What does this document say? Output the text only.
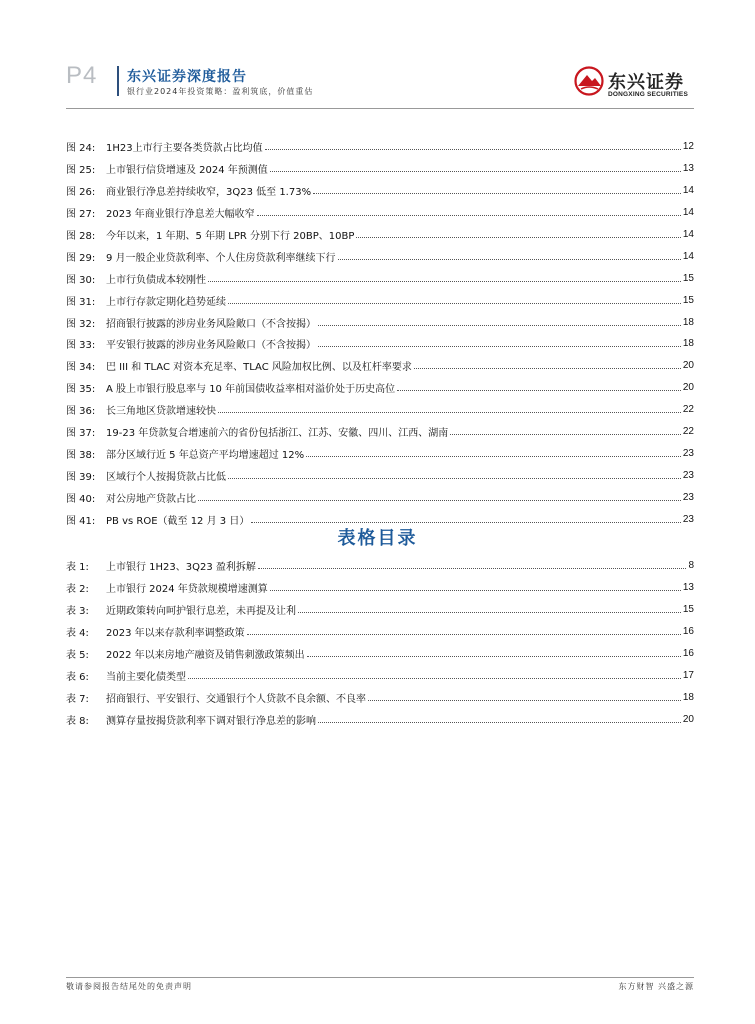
P4 东兴证券深度报告
银行业2024年投资策略：盈利筑底，价值重估	东兴证券
DONGXING SECURITIES
图 24:	1H23上市行主要各类贷款占比均值	12
图 25:	上市银行信贷增速及 2024 年预测值	13
图 26:	商业银行净息差持续收窄，3Q23 低至 1.73%	14
图 27:	2023 年商业银行净息差大幅收窄	14
图 28:	今年以来，1 年期、5 年期 LPR 分别下行 20BP、10BP	14
图 29:	9 月一般企业贷款利率、个人住房贷款利率继续下行	14
图 30:	上市行负债成本较刚性	15
图 31:	上市行存款定期化趋势延续	15
图 32:	招商银行披露的涉房业务风险敞口（不含按揭）	18
图 33:	平安银行披露的涉房业务风险敞口（不含按揭）	18
图 34:	巴 III 和 TLAC 对资本充足率、TLAC 风险加权比例、以及杠杆率要求	20
图 35:	A 股上市银行股息率与 10 年前国债收益率相对溢价处于历史高位	20
图 36:	长三角地区贷款增速较快	22
图 37:	19-23 年贷款复合增速前六的省份包括浙江、江苏、安徽、四川、江西、湖南	22
图 38:	部分区域行近 5 年总资产平均增速超过 12%	23
图 39:	区域行个人按揭贷款占比低	23
图 40:	对公房地产贷款占比	23
图 41:	PB vs ROE（截至 12 月 3 日）	23
表格目录
表 1:	上市银行 1H23、3Q23 盈利拆解	8
表 2:	上市银行 2024 年贷款规模增速测算	13
表 3:	近期政策转向呵护银行息差，未再提及让利	15
表 4:	2023 年以来存款利率调整政策	16
表 5:	2022 年以来房地产融资及销售刺激政策频出	16
表 6:	当前主要化债类型	17
表 7:	招商银行、平安银行、交通银行个人贷款不良余额、不良率	18
表 8:	测算存量按揭贷款利率下调对银行净息差的影响	20
敬请参阅报告结尾处的免责声明	东方财智 兴盛之源
